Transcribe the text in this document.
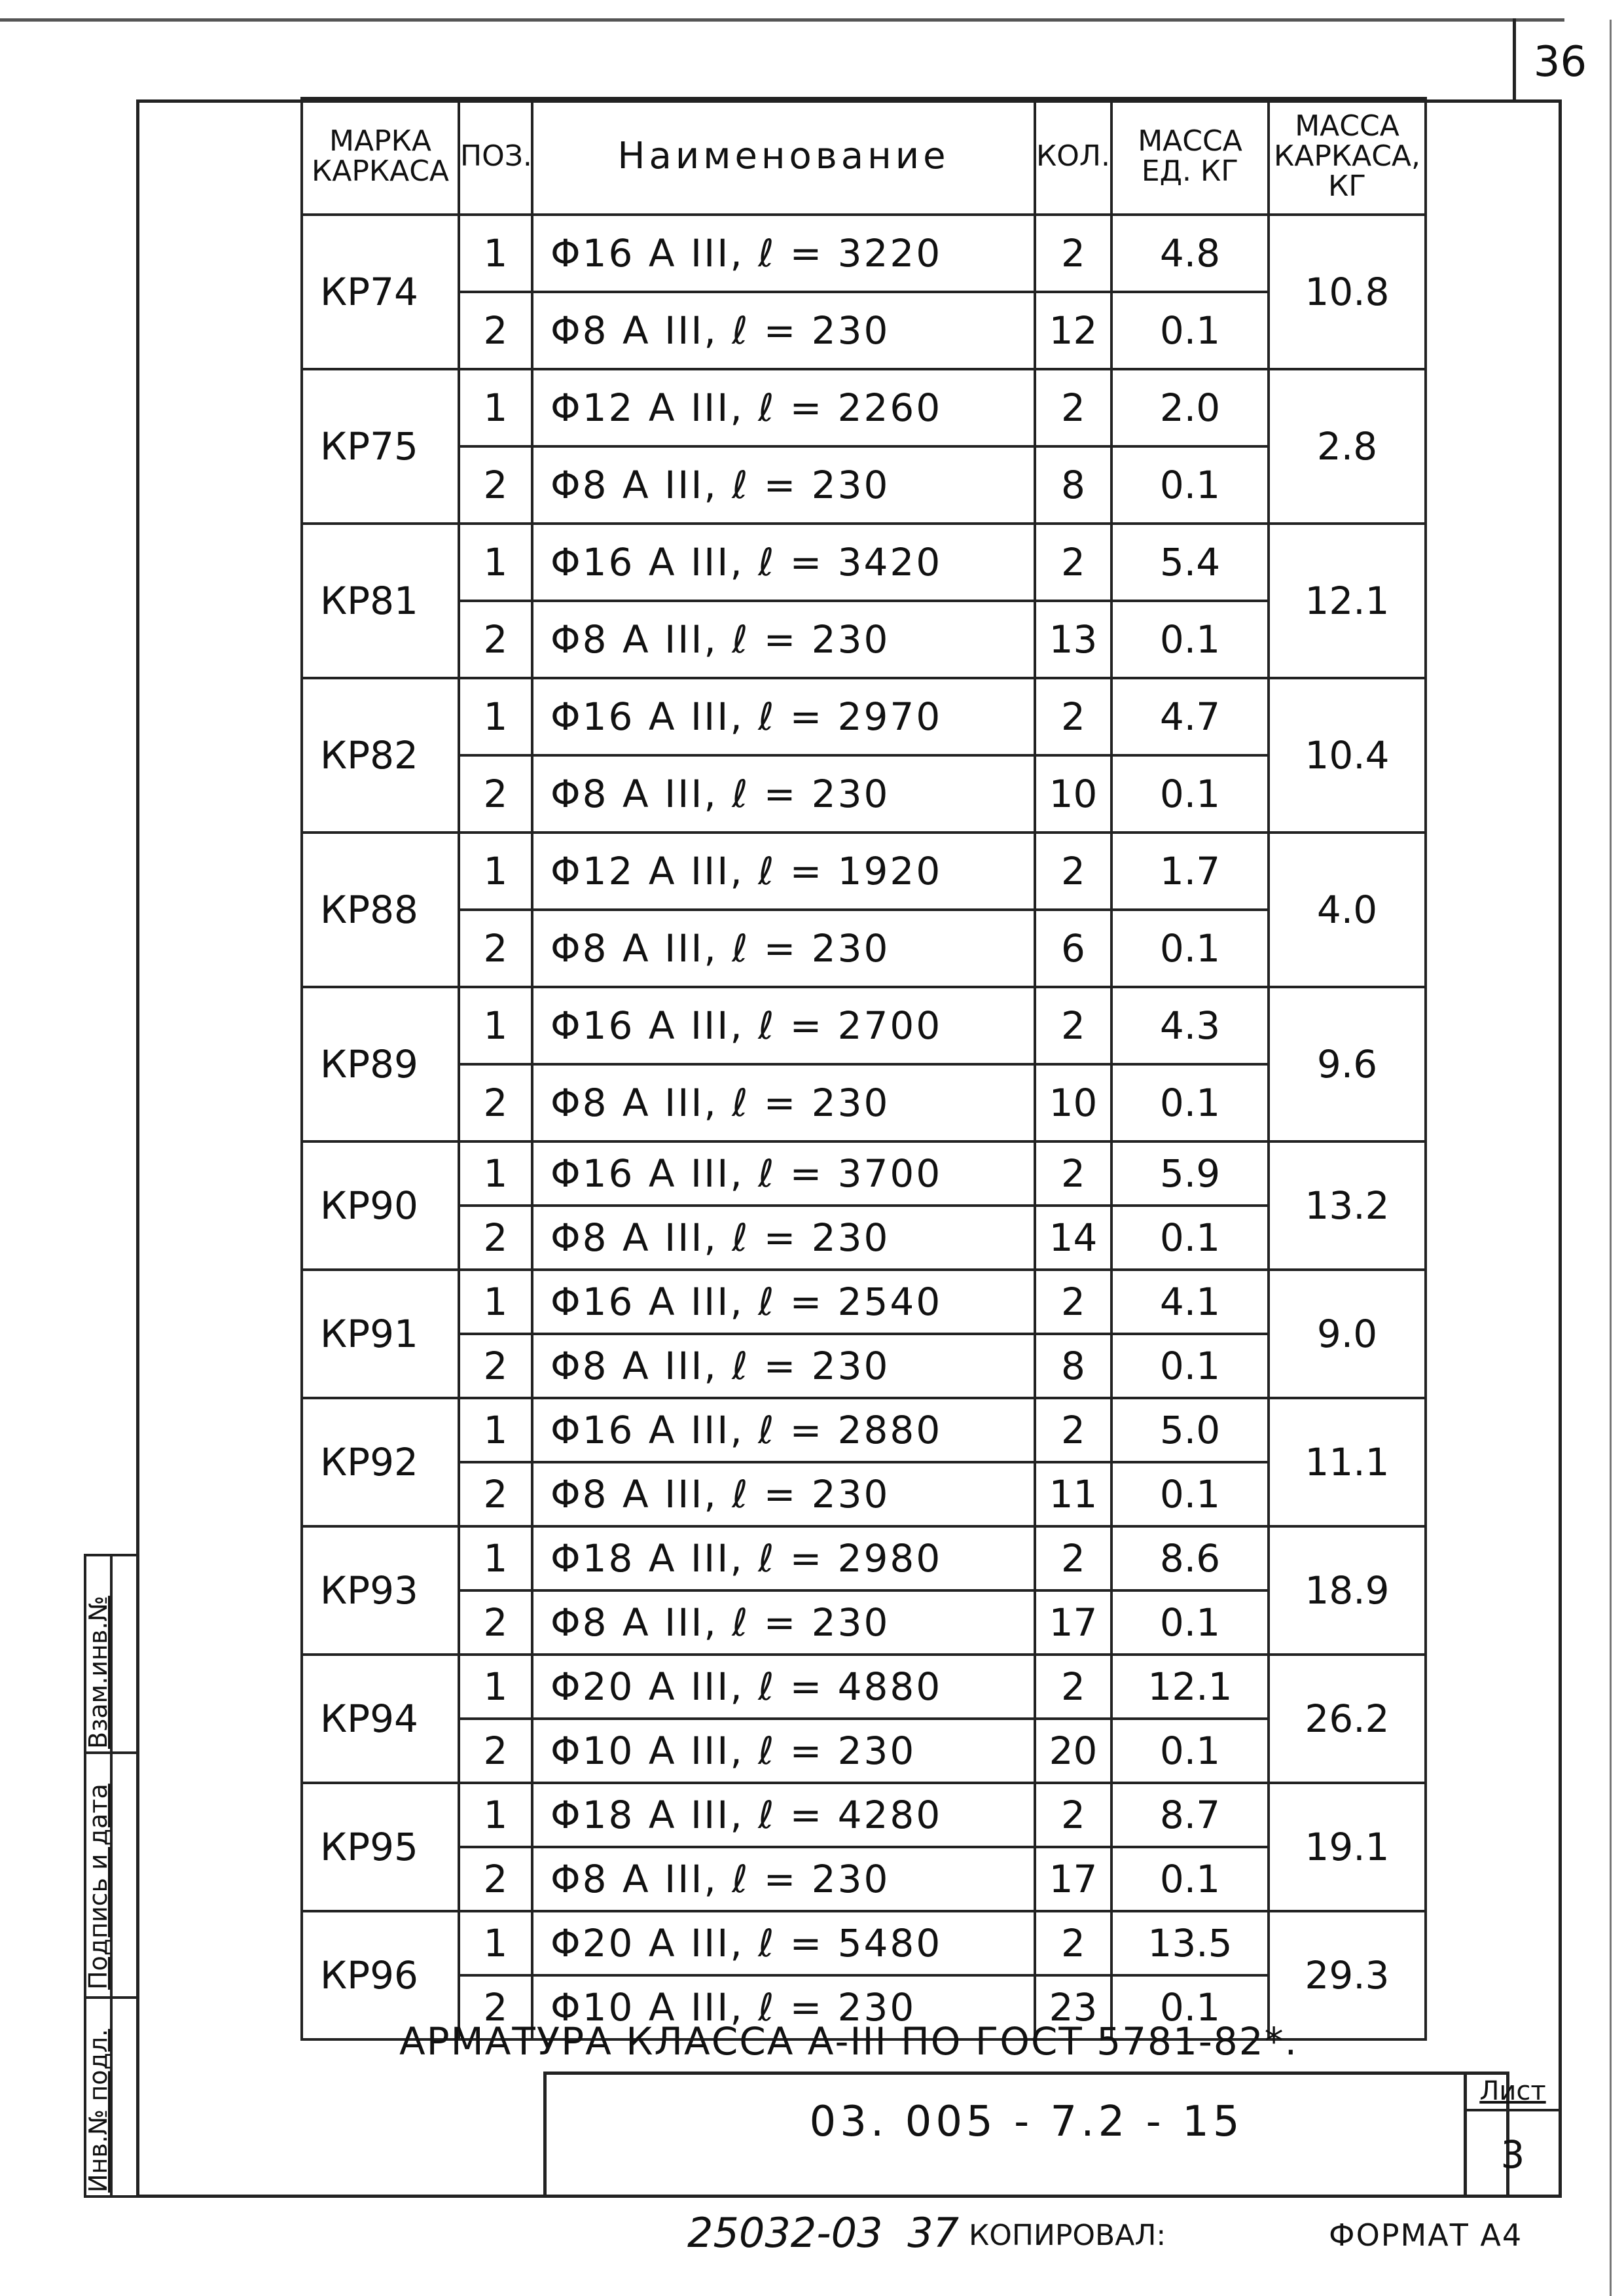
36
Взам.инв.№
Подпись и дата
Инв.№ подл.
МАРКА КАРКАСА	ПОЗ.	Наименование	КОЛ.	МАССА ЕД. КГ	МАССА КАРКАСА, КГ
КР74	1	Φ16 А III, ℓ = 3220	2	4.8	10.8
	2	Φ8 А III, ℓ = 230	12	0.1	
КР75	1	Φ12 А III, ℓ = 2260	2	2.0	2.8
	2	Φ8 А III, ℓ = 230	8	0.1	
КР81	1	Φ16 А III, ℓ = 3420	2	5.4	12.1
	2	Φ8 А III, ℓ = 230	13	0.1	
КР82	1	Φ16 А III, ℓ = 2970	2	4.7	10.4
	2	Φ8 А III, ℓ = 230	10	0.1	
КР88	1	Φ12 А III, ℓ = 1920	2	1.7	4.0
	2	Φ8 А III, ℓ = 230	6	0.1	
КР89	1	Φ16 А III, ℓ = 2700	2	4.3	9.6
	2	Φ8 А III, ℓ = 230	10	0.1	
КР90	1	Φ16 А III, ℓ = 3700	2	5.9	13.2
	2	Φ8 А III, ℓ = 230	14	0.1	
КР91	1	Φ16 А III, ℓ = 2540	2	4.1	9.0
	2	Φ8 А III, ℓ = 230	8	0.1	
КР92	1	Φ16 А III, ℓ = 2880	2	5.0	11.1
	2	Φ8 А III, ℓ = 230	11	0.1	
КР93	1	Φ18 А III, ℓ = 2980	2	8.6	18.9
	2	Φ8 А III, ℓ = 230	17	0.1	
КР94	1	Φ20 А III, ℓ = 4880	2	12.1	26.2
	2	Φ10 А III, ℓ = 230	20	0.1	
КР95	1	Φ18 А III, ℓ = 4280	2	8.7	19.1
	2	Φ8 А III, ℓ = 230	17	0.1	
КР96	1	Φ20 А III, ℓ = 5480	2	13.5	29.3
	2	Φ10 А III, ℓ = 230	23	0.1	
АРМАТУРА КЛАССА А-III ПО ГОСТ 5781-82*.
03. 005 - 7.2 - 15
Лист
3
25032-03 37 КОПИРОВАЛ:	ФОРМАТ А4
